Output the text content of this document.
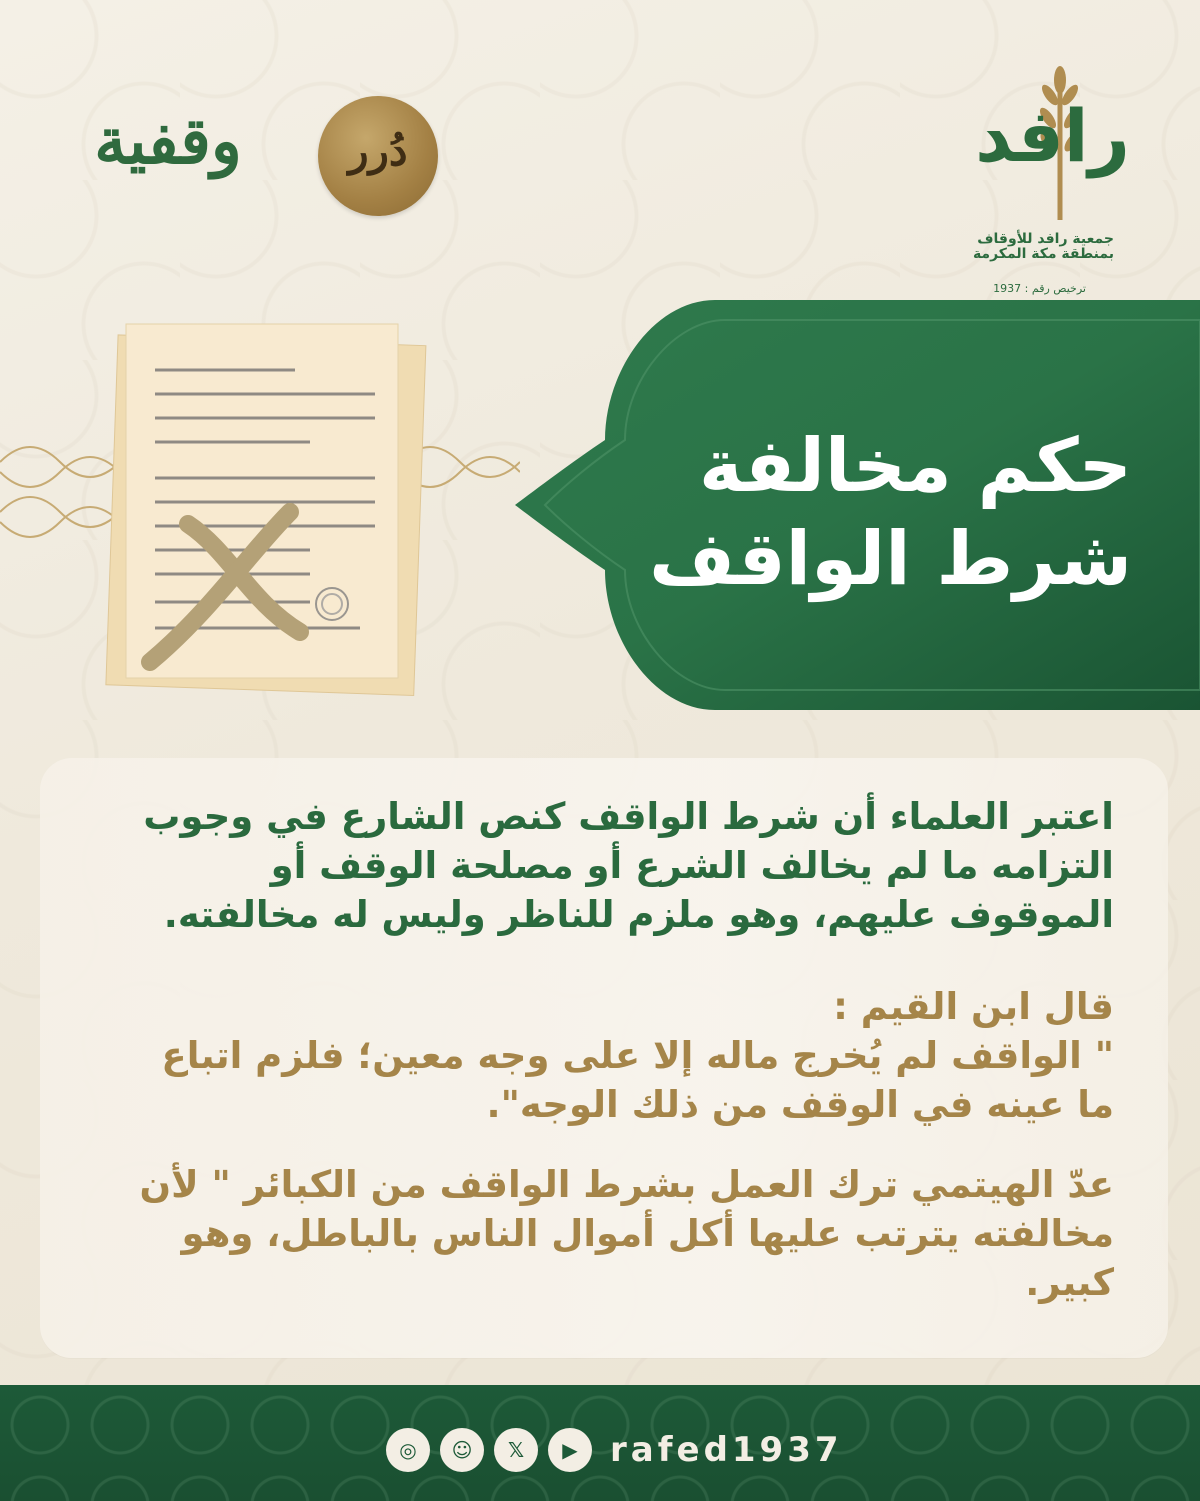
رافد
جمعية رافد للأوقاف بمنطقة مكة المكرمة
ترخيص رقم : 1937
وقفية	دُرر
حكم مخالفة
شرط الواقف
اعتبر العلماء أن شرط الواقف كنص الشارع في وجوب التزامه ما لم يخالف الشرع أو مصلحة الوقف أو الموقوف عليهم، وهو ملزم للناظر وليس له مخالفته.
قال ابن القيم :
" الواقف لم يُخرج ماله إلا على وجه معين؛ فلزم اتباع ما عينه في الوقف من ذلك الوجه".
عدّ الهيتمي ترك العمل بشرط الواقف من الكبائر " لأن مخالفته يترتب عليها أكل أموال الناس بالباطل، وهو كبير.
◎	☺	𝕏	▶ rafed1937
